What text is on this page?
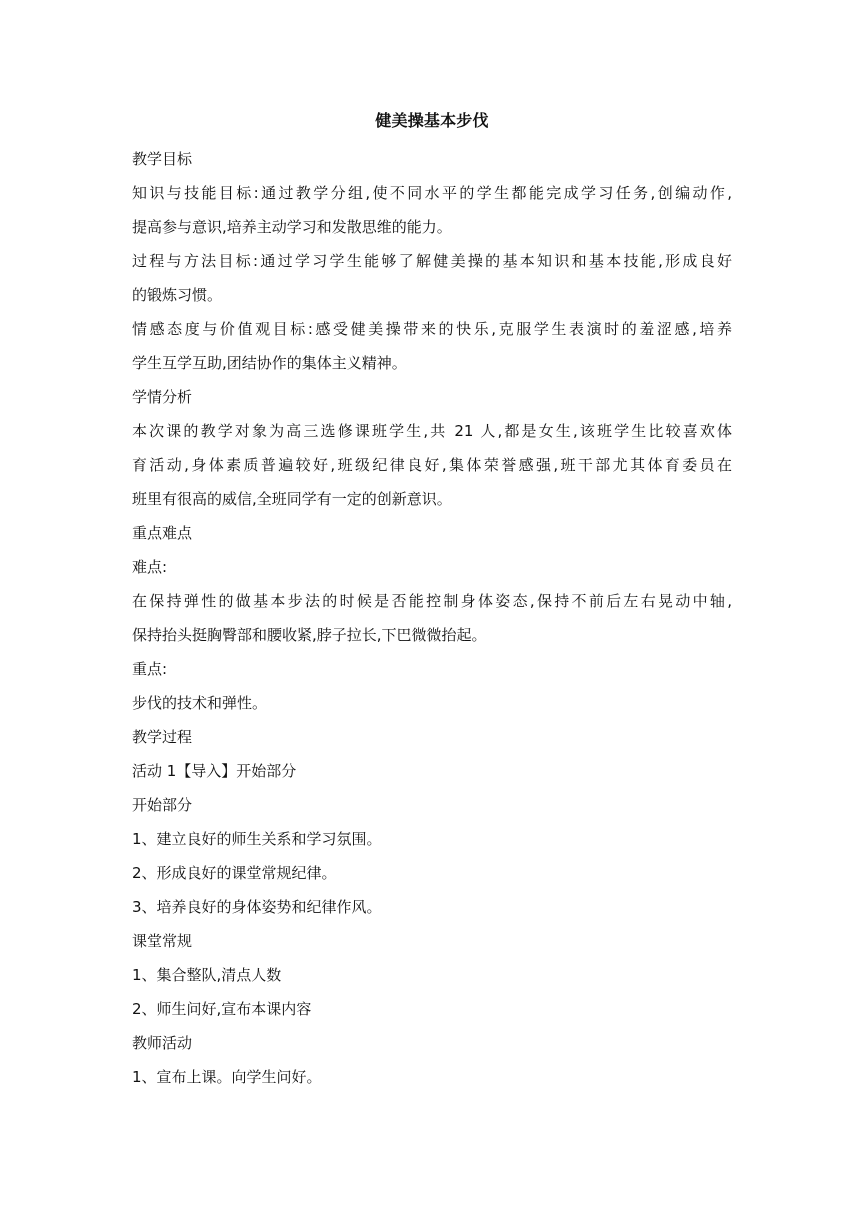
健美操基本步伐
教学目标
知识与技能目标:通过教学分组,使不同水平的学生都能完成学习任务,创编动作,
提高参与意识,培养主动学习和发散思维的能力。
过程与方法目标:通过学习学生能够了解健美操的基本知识和基本技能,形成良好
的锻炼习惯。
情感态度与价值观目标:感受健美操带来的快乐,克服学生表演时的羞涩感,培养
学生互学互助,团结协作的集体主义精神。
学情分析
本次课的教学对象为高三选修课班学生,共 21 人,都是女生,该班学生比较喜欢体
育活动,身体素质普遍较好,班级纪律良好,集体荣誉感强,班干部尤其体育委员在
班里有很高的威信,全班同学有一定的创新意识。
重点难点
难点:
在保持弹性的做基本步法的时候是否能控制身体姿态,保持不前后左右晃动中轴,
保持抬头挺胸臀部和腰收紧,脖子拉长,下巴微微抬起。
重点:
步伐的技术和弹性。
教学过程
活动 1【导入】开始部分
开始部分
1、建立良好的师生关系和学习氛围。
2、形成良好的课堂常规纪律。
3、培养良好的身体姿势和纪律作风。
课堂常规
1、集合整队,清点人数
2、师生问好,宣布本课内容
教师活动
1、宣布上课。向学生问好。
